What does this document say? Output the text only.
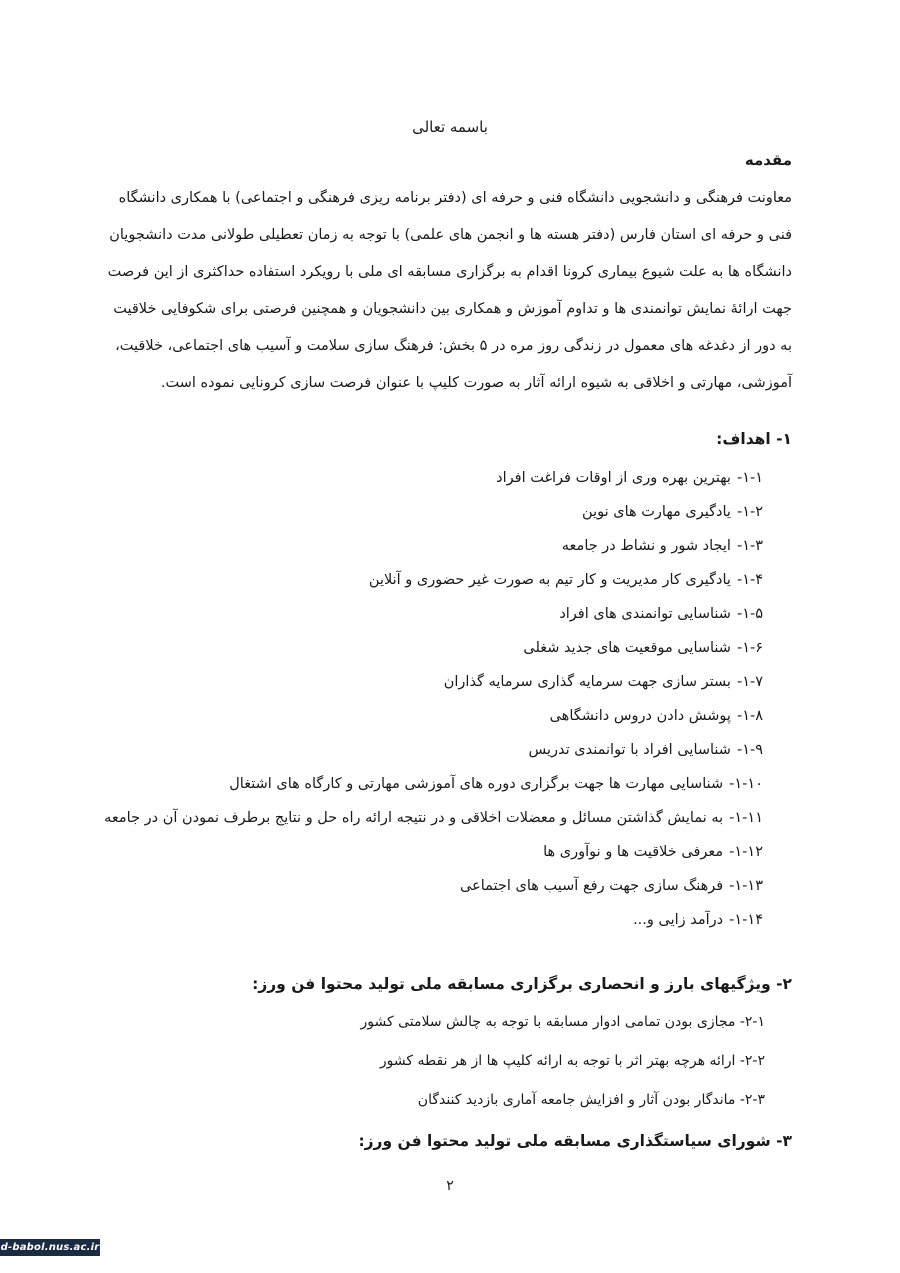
باسمه تعالی
مقدمه
معاونت فرهنگی و دانشجویی دانشگاه فنی و حرفه ای (دفتر برنامه ریزی فرهنگی و اجتماعی) با همکاری دانشگاه
فنی و حرفه ای استان فارس (دفتر هسته ها و انجمن های علمی) با توجه به زمان تعطیلی طولانی مدت دانشجویان
دانشگاه ها به علت شیوع بیماری کرونا اقدام به برگزاری مسابقه ای ملی با رویکرد استفاده حداکثری از این فرصت
جهت ارائهٔ نمایش توانمندی ها و تداوم آموزش و همکاری بین دانشجویان و همچنین فرصتی برای شکوفایی خلاقیت
به دور از دغدغه های معمول در زندگی روز مره در ۵ بخش: فرهنگ سازی سلامت و آسیب های اجتماعی، خلاقیت،
آموزشی، مهارتی و اخلاقی به شیوه ارائه آثار به صورت کلیپ با عنوان فرصت سازی کرونایی نموده است.
۱- اهداف:
۱-۱-بهترین بهره وری از اوقات فراغت افراد
۱-۲-یادگیری مهارت های نوین
۱-۳-ایجاد شور و نشاط در جامعه
۱-۴-یادگیری کار مدیریت و کار تیم به صورت غیر حضوری و آنلاین
۱-۵-شناسایی توانمندی های افراد
۱-۶-شناسایی موقعیت های جدید شغلی
۱-۷-بستر سازی جهت سرمایه گذاری سرمایه گذاران
۱-۸-پوشش دادن دروس دانشگاهی
۱-۹-شناسایی افراد با توانمندی تدریس
۱-۱۰-شناسایی مهارت ها جهت برگزاری دوره های آموزشی مهارتی و کارگاه های اشتغال
۱-۱۱-به نمایش گذاشتن مسائل و معضلات اخلاقی و در نتیجه ارائه راه حل و نتایج برطرف نمودن آن در جامعه
۱-۱۲-معرفی خلاقیت ها و نوآوری ها
۱-۱۳-فرهنگ سازی جهت رفع آسیب های اجتماعی
۱-۱۴-درآمد زایی و...
۲- ویژگیهای بارز و انحصاری برگزاری مسابقه ملی تولید محتوا فن ورز:
۲-۱- مجازی بودن تمامی ادوار مسابقه با توجه به چالش سلامتی کشور
۲-۲- ارائه هرچه بهتر اثر با توجه به ارائه کلیپ ها از هر نقطه کشور
۲-۳- ماندگار بودن آثار و افزایش جامعه آماری بازدید کنندگان
۳- شورای سیاستگذاری مسابقه ملی تولید محتوا فن ورز:
۲
d-babol.nus.ac.ir
